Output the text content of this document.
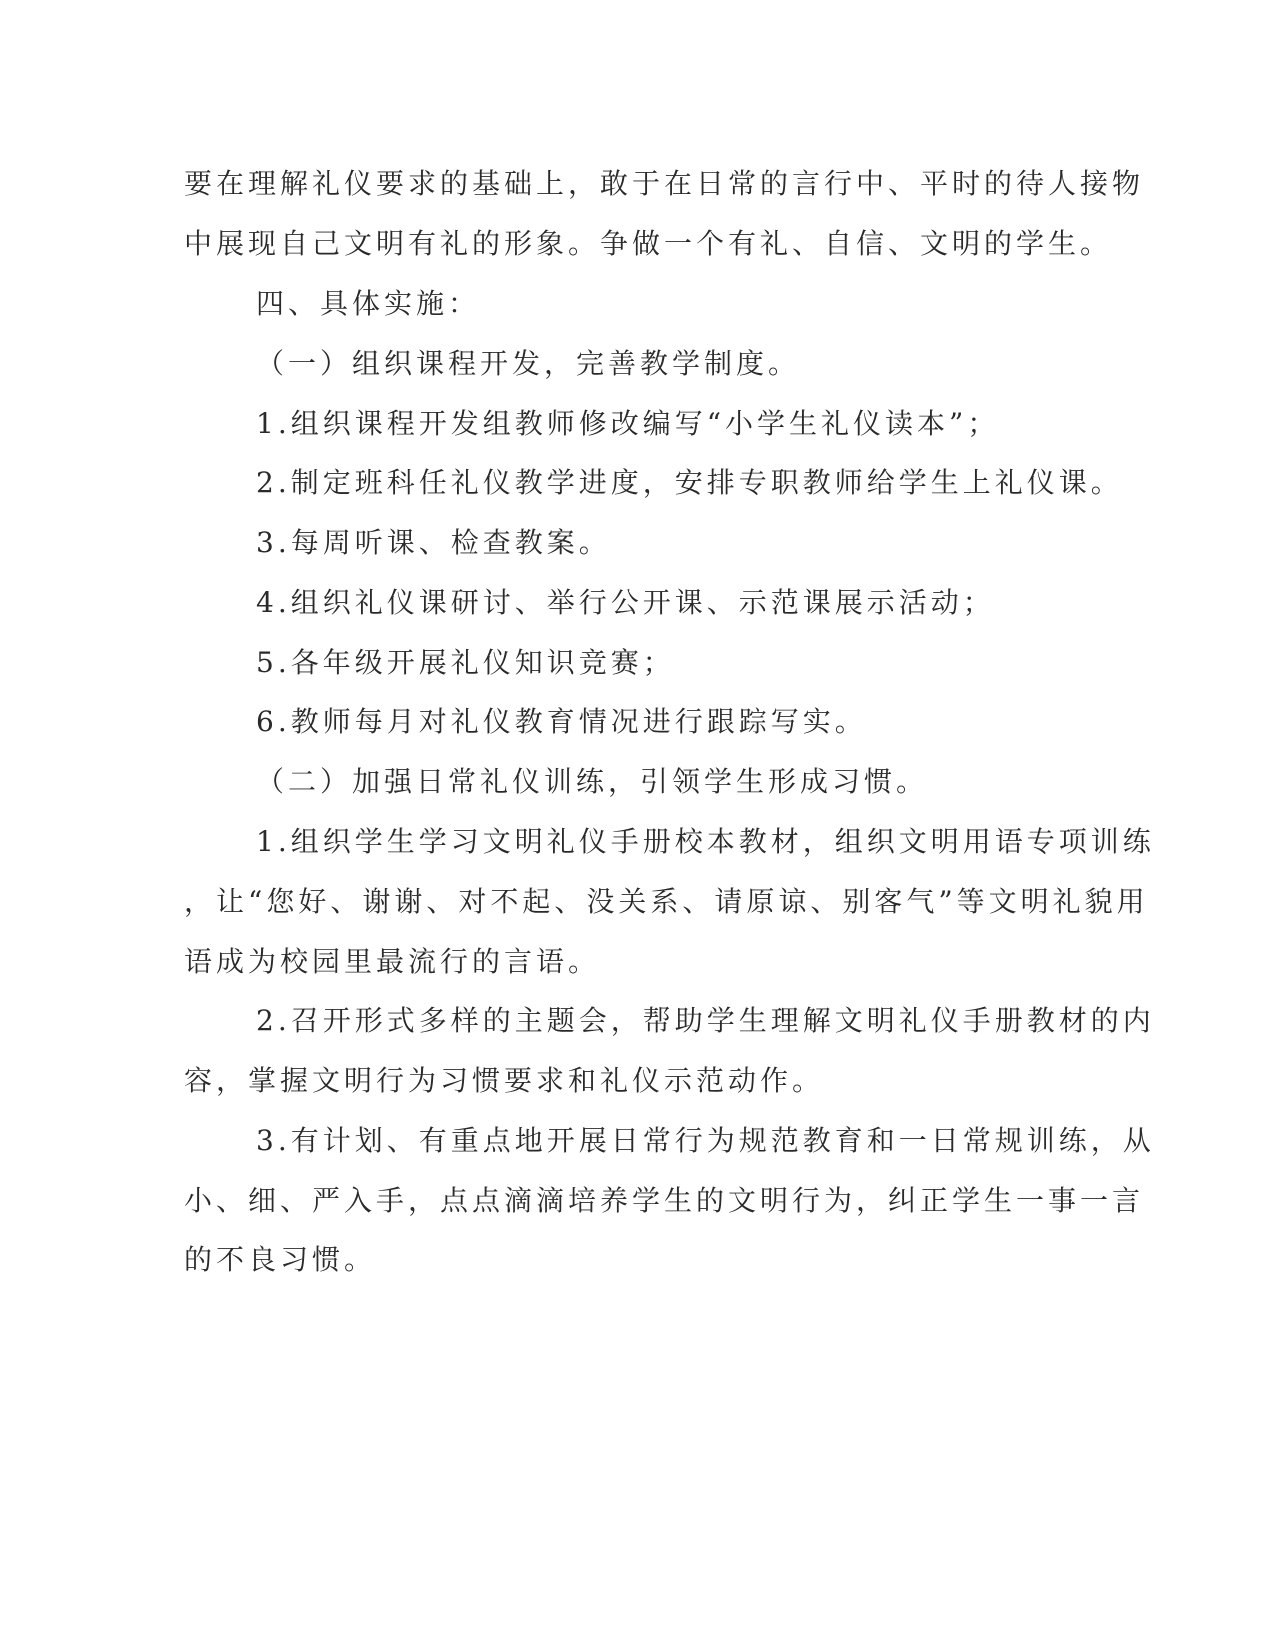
要在理解礼仪要求的基础上，敢于在日常的言行中、平时的待人接物
中展现自己文明有礼的形象。争做一个有礼、自信、文明的学生。
四、具体实施：
（一）组织课程开发，完善教学制度。
1.组织课程开发组教师修改编写“小学生礼仪读本”；
2.制定班科任礼仪教学进度，安排专职教师给学生上礼仪课。
3.每周听课、检查教案。
4.组织礼仪课研讨、举行公开课、示范课展示活动；
5.各年级开展礼仪知识竞赛；
6.教师每月对礼仪教育情况进行跟踪写实。
（二）加强日常礼仪训练，引领学生形成习惯。
1.组织学生学习文明礼仪手册校本教材，组织文明用语专项训练
，让“您好、谢谢、对不起、没关系、请原谅、别客气”等文明礼貌用
语成为校园里最流行的言语。
2.召开形式多样的主题会，帮助学生理解文明礼仪手册教材的内
容，掌握文明行为习惯要求和礼仪示范动作。
3.有计划、有重点地开展日常行为规范教育和一日常规训练，从
小、细、严入手，点点滴滴培养学生的文明行为，纠正学生一事一言
的不良习惯。
